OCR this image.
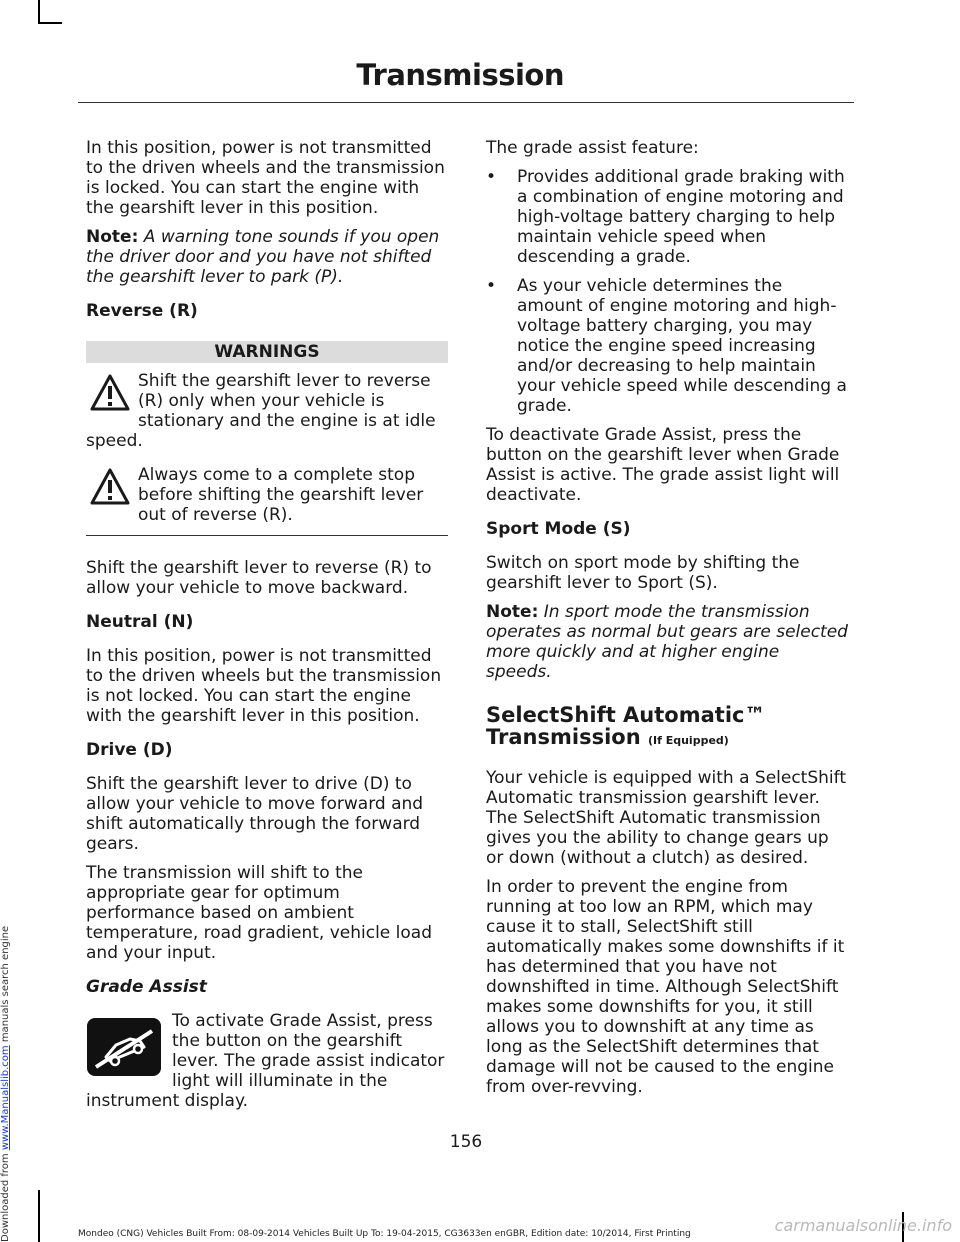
Downloaded from www.Manualslib.com manuals search engine
Transmission

In this position, power is not transmitted to the driven wheels and the transmission is locked. You can start the engine with the gearshift lever in this position.

Note: A warning tone sounds if you open the driver door and you have not shifted the gearshift lever to park (P).

Reverse (R)

WARNINGS
Shift the gearshift lever to reverse (R) only when your vehicle is stationary and the engine is at idle speed.
Always come to a complete stop before shifting the gearshift lever out of reverse (R).

Shift the gearshift lever to reverse (R) to allow your vehicle to move backward.

Neutral (N)

In this position, power is not transmitted to the driven wheels but the transmission is not locked. You can start the engine with the gearshift lever in this position.

Drive (D)

Shift the gearshift lever to drive (D) to allow your vehicle to move forward and shift automatically through the forward gears.

The transmission will shift to the appropriate gear for optimum performance based on ambient temperature, road gradient, vehicle load and your input.

Grade Assist

To activate Grade Assist, press the button on the gearshift lever. The grade assist indicator light will illuminate in the instrument display.

The grade assist feature:

• Provides additional grade braking with a combination of engine motoring and high-voltage battery charging to help maintain vehicle speed when descending a grade.
• As your vehicle determines the amount of engine motoring and high-voltage battery charging, you may notice the engine speed increasing and/or decreasing to help maintain your vehicle speed while descending a grade.

To deactivate Grade Assist, press the button on the gearshift lever when Grade Assist is active. The grade assist light will deactivate.

Sport Mode (S)

Switch on sport mode by shifting the gearshift lever to Sport (S).

Note: In sport mode the transmission operates as normal but gears are selected more quickly and at higher engine speeds.

SelectShift Automatic™
Transmission (If Equipped)

Your vehicle is equipped with a SelectShift Automatic transmission gearshift lever. The SelectShift Automatic transmission gives you the ability to change gears up or down (without a clutch) as desired.

In order to prevent the engine from running at too low an RPM, which may cause it to stall, SelectShift still automatically makes some downshifts if it has determined that you have not downshifted in time. Although SelectShift makes some downshifts for you, it still allows you to downshift at any time as long as the SelectShift determines that damage will not be caused to the engine from over-revving.

156
Mondeo (CNG) Vehicles Built From: 08-09-2014 Vehicles Built Up To: 19-04-2015, CG3633en enGBR, Edition date: 10/2014, First Printing	carmanualsonline.info
